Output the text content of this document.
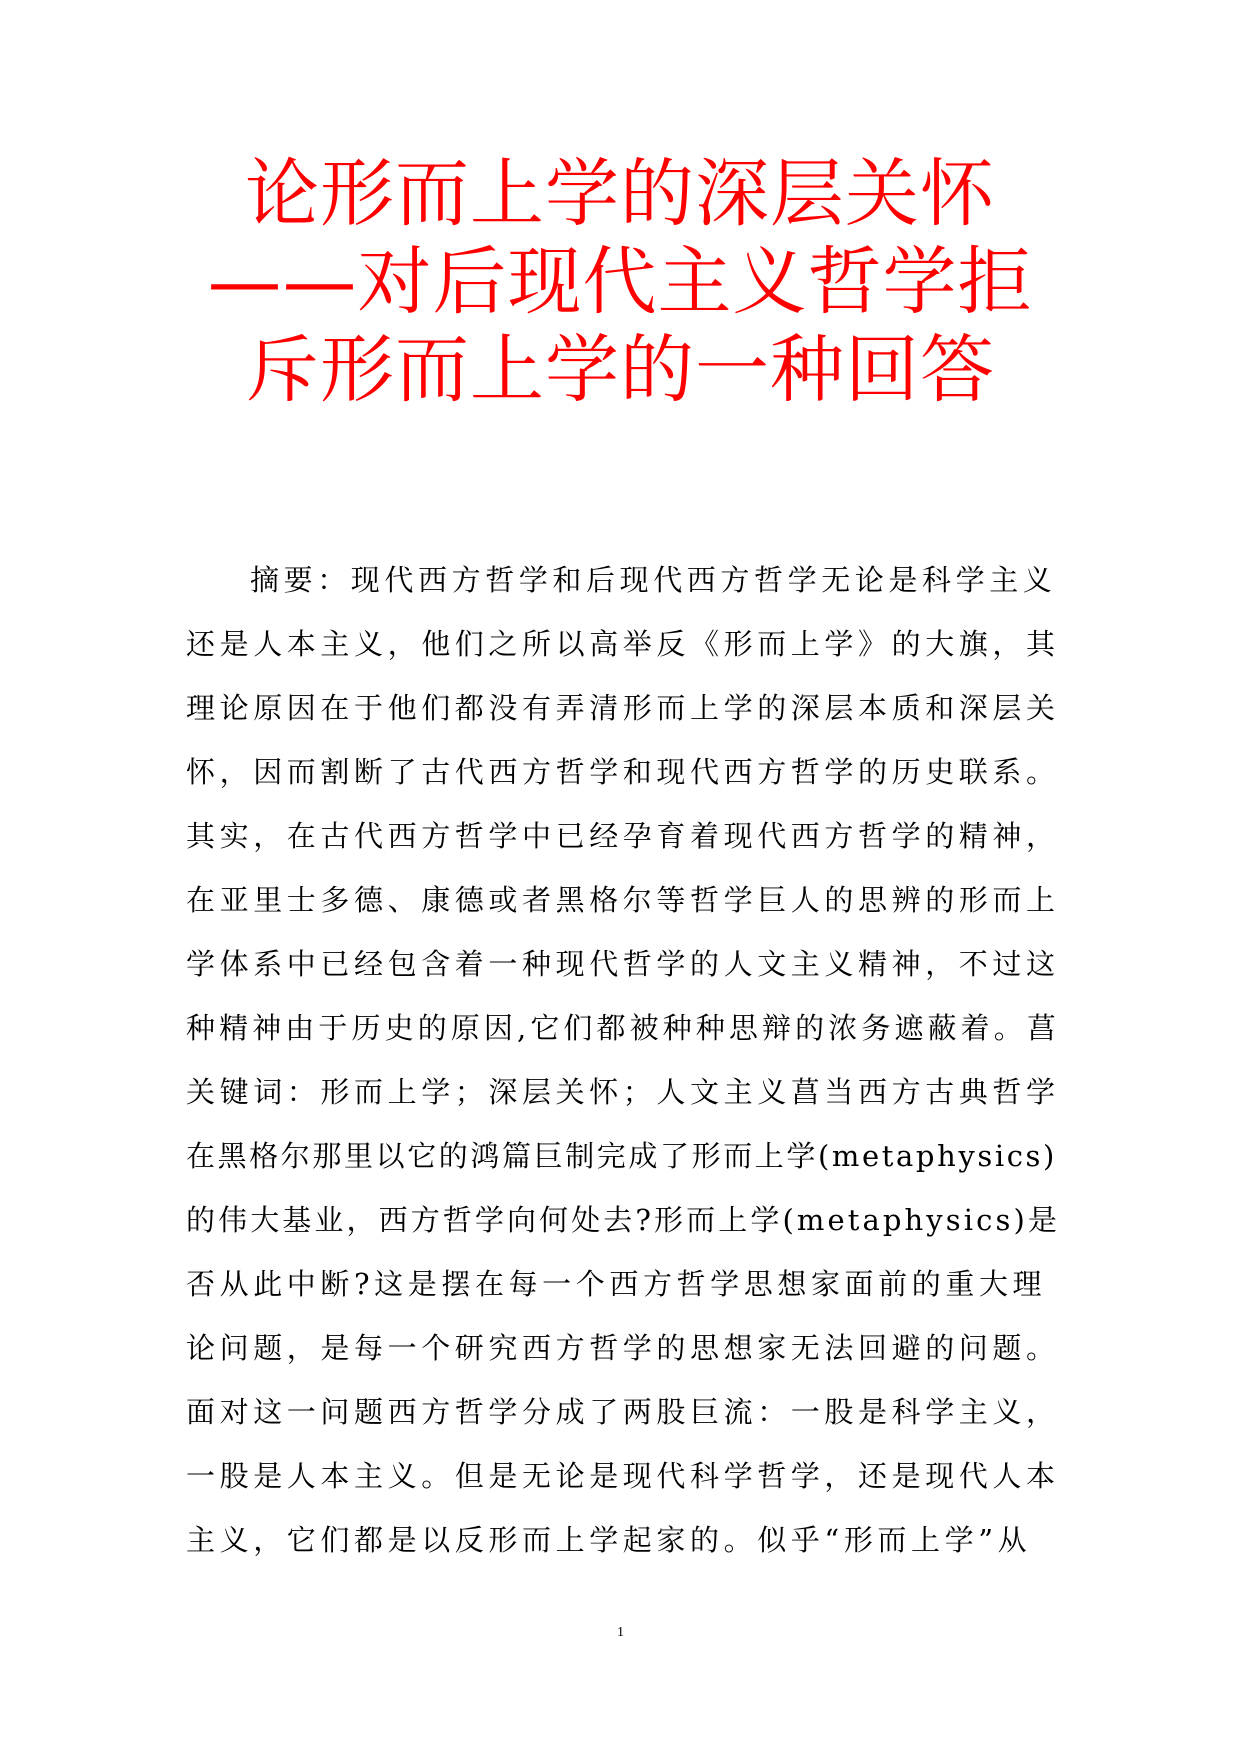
论形而上学的深层关怀
——对后现代主义哲学拒
斥形而上学的一种回答
摘要：现代西方哲学和后现代西方哲学无论是科学主义
还是人本主义，他们之所以高举反《形而上学》的大旗，其
理论原因在于他们都没有弄清形而上学的深层本质和深层关
怀，因而割断了古代西方哲学和现代西方哲学的历史联系。
其实，在古代西方哲学中已经孕育着现代西方哲学的精神，
在亚里士多德、康德或者黑格尔等哲学巨人的思辨的形而上
学体系中已经包含着一种现代哲学的人文主义精神，不过这
种精神由于历史的原因,它们都被种种思辩的浓务遮蔽着。菖
关键词：形而上学；深层关怀；人文主义菖当西方古典哲学
在黑格尔那里以它的鸿篇巨制完成了形而上学(metaphysics)
的伟大基业，西方哲学向何处去?形而上学(metaphysics)是
否从此中断?这是摆在每一个西方哲学思想家面前的重大理
论问题，是每一个研究西方哲学的思想家无法回避的问题。
面对这一问题西方哲学分成了两股巨流：一股是科学主义，
一股是人本主义。但是无论是现代科学哲学，还是现代人本
主义，它们都是以反形而上学起家的。似乎“形而上学”从
1
